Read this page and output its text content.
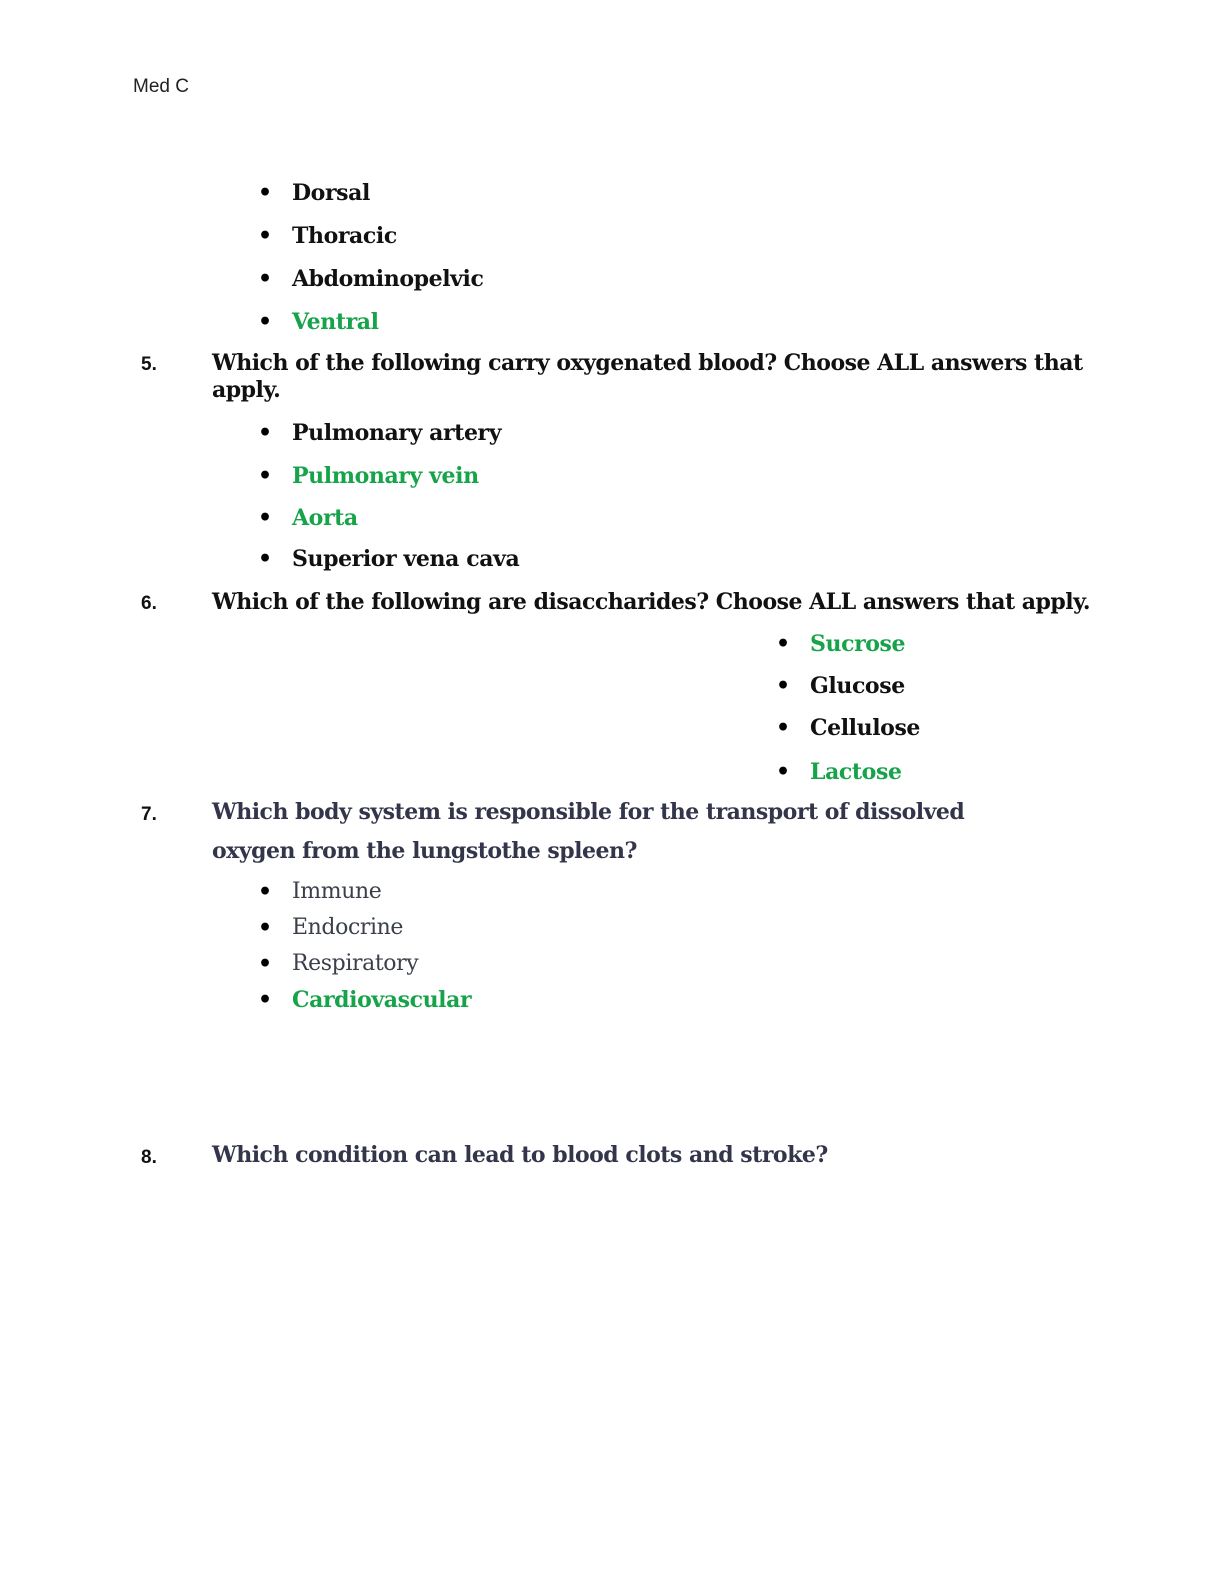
Med C
• Dorsal
• Thoracic
• Abdominopelvic
• Ventral
5.	Which of the following carry oxygenated blood? Choose ALL answers that
apply.
• Pulmonary artery
• Pulmonary vein
• Aorta
• Superior vena cava
6.	Which of the following are disaccharides? Choose ALL answers that apply.
• Sucrose
• Glucose
• Cellulose
• Lactose
7.	Which body system is responsible for the transport of dissolved
oxygen from the lungstothe spleen?
• Immune
• Endocrine
• Respiratory
• Cardiovascular
8.	Which condition can lead to blood clots and stroke?
